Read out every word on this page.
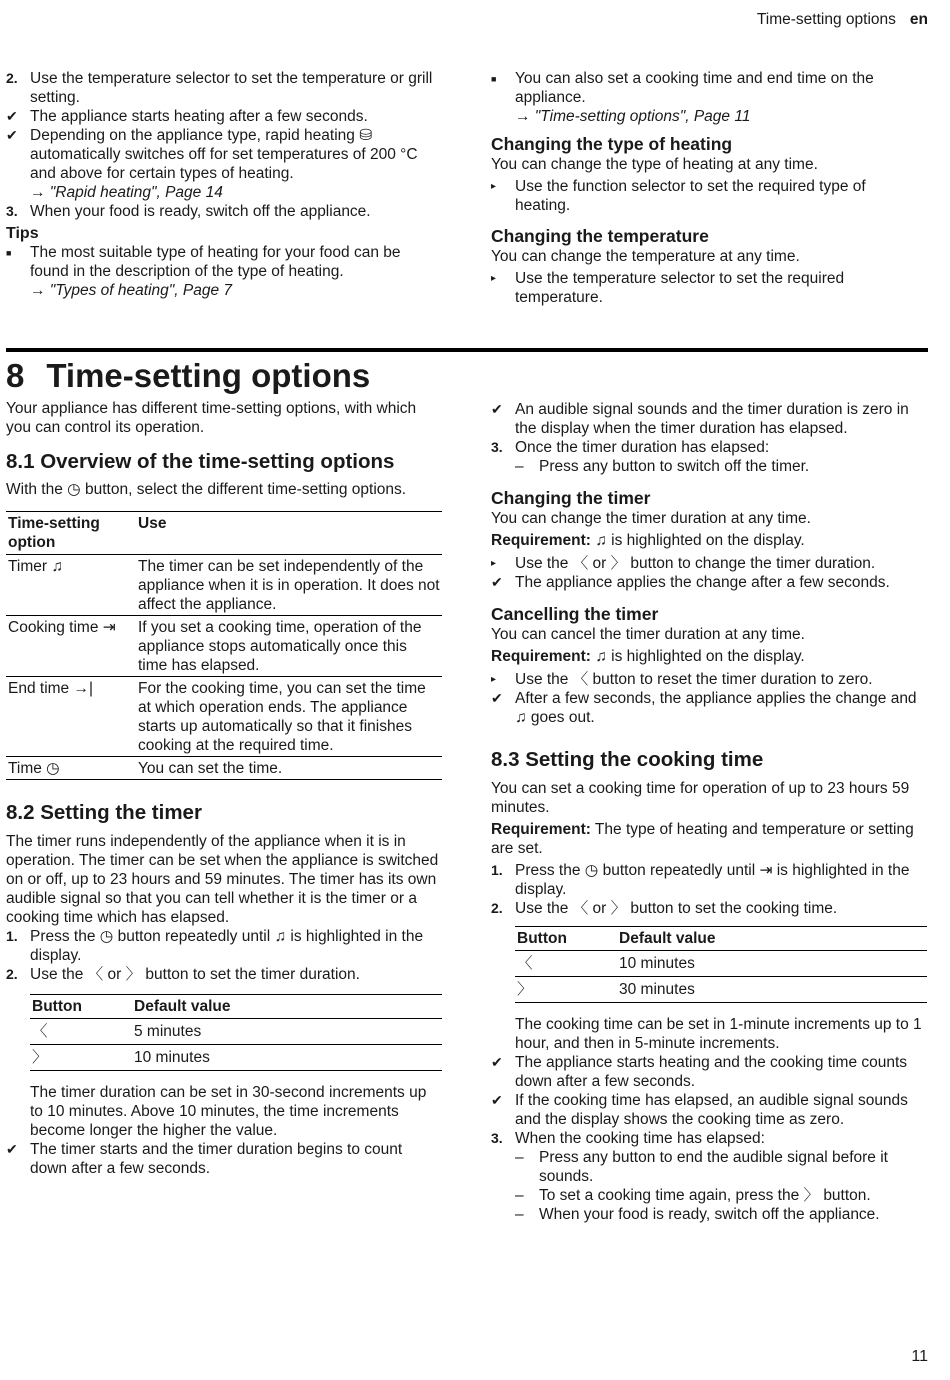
Time-setting options en
2. Use the temperature selector to set the temperature or grill setting.

✔ The appliance starts heating after a few seconds.

✔ Depending on the appliance type, rapid heating ⛁ automatically switches off for set temperatures of 200 °C and above for certain types of heating.

→ "Rapid heating", Page 14

3. When your food is ready, switch off the appliance.

Tips
■	The most suitable type of heating for your food can be found in the description of the type of heating.

→ "Types of heating", Page 7

■	You can also set a cooking time and end time on the appliance.

→ "Time-setting options", Page 11

Changing the type of heating

You can change the type of heating at any time.

▸	Use the function selector to set the required type of heating.

Changing the temperature

You can change the temperature at any time.

▸	Use the temperature selector to set the required temperature.

8 Time-setting options

Your appliance has different time-setting options, with which you can control its operation.

8.1 Overview of the time-setting options

With the ◷ button, select the different time-setting options.

Time-setting option	Use
Timer ♫	The timer can be set independently of the appliance when it is in operation. It does not affect the appliance.
Cooking time ⇥	If you set a cooking time, operation of the appliance stops automatically once this time has elapsed.
End time →|	For the cooking time, you can set the time at which operation ends. The appliance starts up automatically so that it finishes cooking at the required time.
Time ◷	You can set the time.
8.2 Setting the timer

The timer runs independently of the appliance when it is in operation. The timer can be set when the appliance is switched on or off, up to 23 hours and 59 minutes. The timer has its own audible signal so that you can tell whether it is the timer or a cooking time which has elapsed.

1. Press the ◷ button repeatedly until ♫ is highlighted in the display.

2. Use the 〈 or 〉 button to set the timer duration.

Button	Default value
〈	5 minutes
〉	10 minutes

The timer duration can be set in 30-second increments up to 10 minutes. Above 10 minutes, the time increments become longer the higher the value.

✔ The timer starts and the timer duration begins to count down after a few seconds.

✔ An audible signal sounds and the timer duration is zero in the display when the timer duration has elapsed.

3. Once the timer duration has elapsed:

– Press any button to switch off the timer.

Changing the timer

You can change the timer duration at any time.

Requirement: ♫ is highlighted on the display.

▸	Use the 〈 or 〉 button to change the timer duration.

✔ The appliance applies the change after a few seconds.

Cancelling the timer

You can cancel the timer duration at any time.

Requirement: ♫ is highlighted on the display.

▸	Use the 〈 button to reset the timer duration to zero.

✔ After a few seconds, the appliance applies the change and ♫ goes out.

8.3 Setting the cooking time

You can set a cooking time for operation of up to 23 hours 59 minutes.

Requirement: The type of heating and temperature or setting are set.

1. Press the ◷ button repeatedly until ⇥ is highlighted in the display.

2. Use the 〈 or 〉 button to set the cooking time.

Button	Default value
〈	10 minutes
〉	30 minutes

The cooking time can be set in 1-minute increments up to 1 hour, and then in 5-minute increments.

✔ The appliance starts heating and the cooking time counts down after a few seconds.

✔ If the cooking time has elapsed, an audible signal sounds and the display shows the cooking time as zero.

3. When the cooking time has elapsed:

– Press any button to end the audible signal before it sounds.

– To set a cooking time again, press the 〉 button.

– When your food is ready, switch off the appliance.

11
